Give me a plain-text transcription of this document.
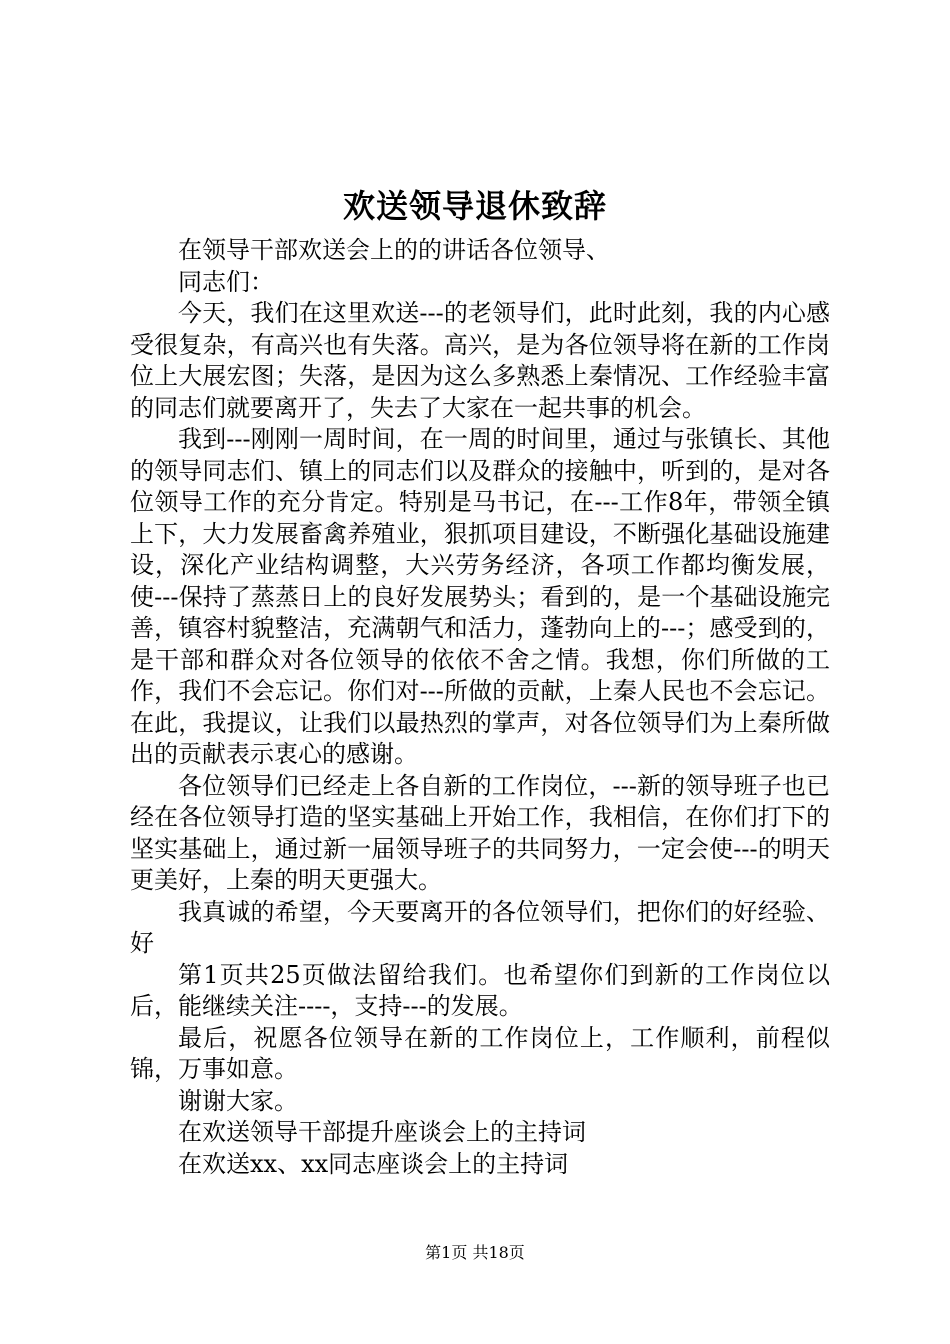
欢送领导退休致辞

在领导干部欢送会上的的讲话各位领导、

同志们：

今天，我们在这里欢送---的老领导们，此时此刻，我的内心感受很复杂，有高兴也有失落。高兴，是为各位领导将在新的工作岗位上大展宏图；失落，是因为这么多熟悉上秦情况、工作经验丰富的同志们就要离开了，失去了大家在一起共事的机会。

我到---刚刚一周时间，在一周的时间里，通过与张镇长、其他的领导同志们、镇上的同志们以及群众的接触中，听到的，是对各位领导工作的充分肯定。特别是马书记，在---工作8年，带领全镇上下，大力发展畜禽养殖业，狠抓项目建设，不断强化基础设施建设，深化产业结构调整，大兴劳务经济，各项工作都均衡发展，使---保持了蒸蒸日上的良好发展势头；看到的，是一个基础设施完善，镇容村貌整洁，充满朝气和活力，蓬勃向上的---；感受到的，是干部和群众对各位领导的依依不舍之情。我想，你们所做的工作，我们不会忘记。你们对---所做的贡献，上秦人民也不会忘记。在此，我提议，让我们以最热烈的掌声，对各位领导们为上秦所做出的贡献表示衷心的感谢。

各位领导们已经走上各自新的工作岗位，---新的领导班子也已经在各位领导打造的坚实基础上开始工作，我相信，在你们打下的坚实基础上，通过新一届领导班子的共同努力，一定会使---的明天更美好，上秦的明天更强大。

我真诚的希望，今天要离开的各位领导们，把你们的好经验、好

第1页共25页做法留给我们。也希望你们到新的工作岗位以后，能继续关注----，支持---的发展。

最后，祝愿各位领导在新的工作岗位上，工作顺利，前程似锦，万事如意。

谢谢大家。

在欢送领导干部提升座谈会上的主持词

在欢送xx、xx同志座谈会上的主持词

第1页 共18页
